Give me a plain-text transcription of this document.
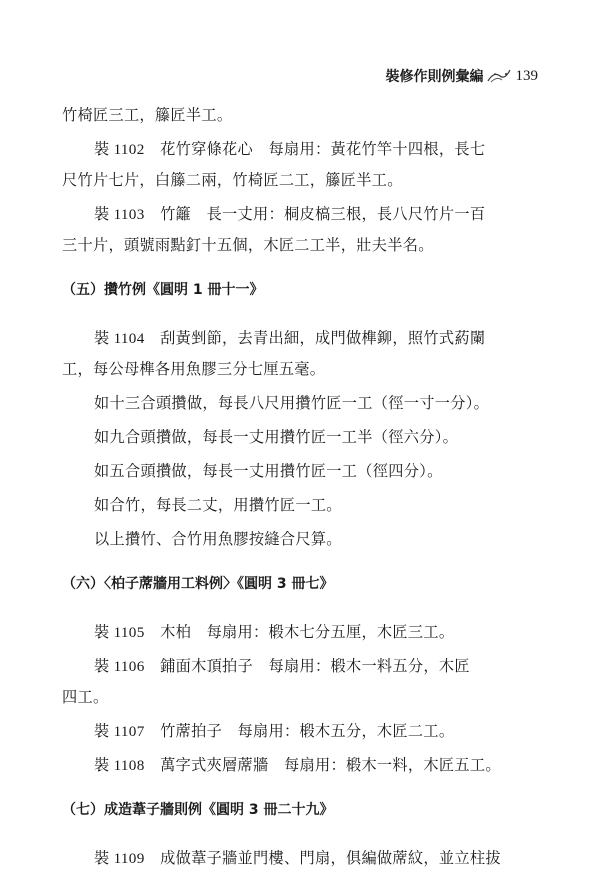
裝修作則例彙編 139
竹椅匠三工，籐匠半工。
裝 1102　 花竹穿條花心　每扇用：黃花竹竿十四根，長七
尺竹片七片，白籐二兩，竹椅匠二工，籐匠半工。
裝 1103　 竹籬　長一丈用：桐皮槁三根，長八尺竹片一百
三十片，頭號雨點釘十五個，木匠二工半，壯夫半名。
（五）攢竹例《圓明 1 冊十一》
裝 1104　 刮黃剉節，去青出細，成門做榫鉚，照竹式葯闌
工，每公母榫各用魚膠三分七厘五毫。
如十三合頭攢做，每長八尺用攢竹匠一工（徑一寸一分）。
如九合頭攢做，每長一丈用攢竹匠一工半（徑六分）。
如五合頭攢做，每長一丈用攢竹匠一工（徑四分）。
如合竹，每長二丈，用攢竹匠一工。
以上攢竹、合竹用魚膠按縫合尺算。
（六）〈柏子蓆牆用工料例〉《圓明 3 冊七》
裝 1105　 木柏　每扇用：椴木七分五厘，木匠三工。
裝 1106　 鋪面木頂拍子　每扇用：椴木一料五分，木匠
四工。
裝 1107　 竹蓆拍子　每扇用：椴木五分，木匠二工。
裝 1108　 萬字式夾層蓆牆　每扇用：椴木一料，木匠五工。
（七）成造葦子牆則例《圓明 3 冊二十九》
裝 1109　 成做葦子牆並門樓、門扇，俱編做蓆紋，並立柱拔
